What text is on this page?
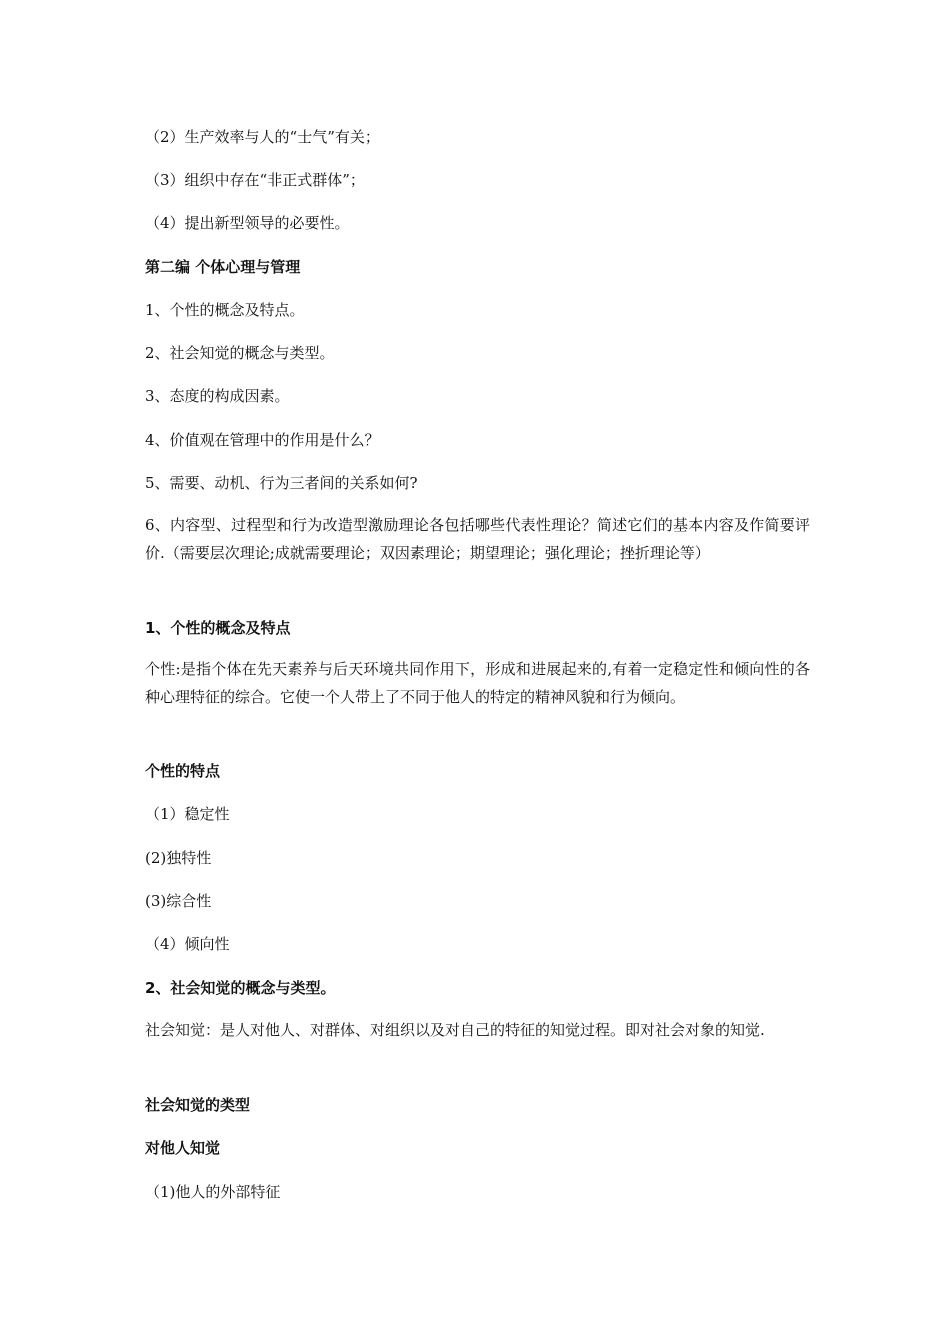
（2）生产效率与人的“士气”有关；
（3）组织中存在“非正式群体”；
（4）提出新型领导的必要性。
第二编 个体心理与管理
1、个性的概念及特点。
2、社会知觉的概念与类型。
3、态度的构成因素。
4、价值观在管理中的作用是什么？
5、需要、动机、行为三者间的关系如何?
6、内容型、过程型和行为改造型激励理论各包括哪些代表性理论？简述它们的基本内容及作简要评价.（需要层次理论;成就需要理论；双因素理论；期望理论；强化理论；挫折理论等）
1、个性的概念及特点
个性:是指个体在先天素养与后天环境共同作用下，形成和进展起来的,有着一定稳定性和倾向性的各种心理特征的综合。它使一个人带上了不同于他人的特定的精神风貌和行为倾向。
个性的特点
（1）稳定性
(2)独特性
(3)综合性
（4）倾向性
2、社会知觉的概念与类型。
社会知觉：是人对他人、对群体、对组织以及对自己的特征的知觉过程。即对社会对象的知觉.
社会知觉的类型
对他人知觉
（1)他人的外部特征
